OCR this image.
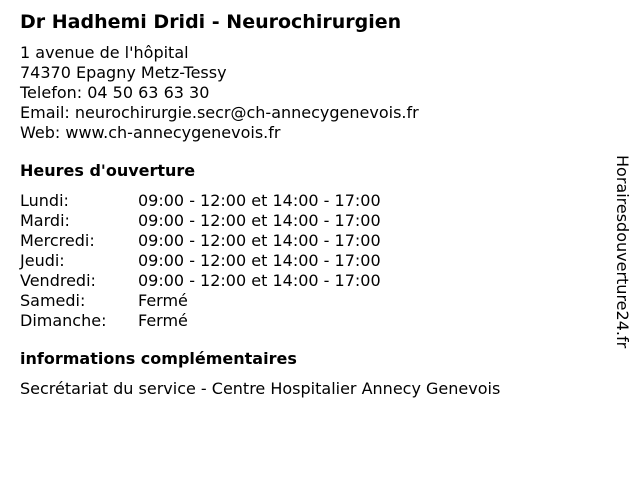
Dr Hadhemi Dridi - Neurochirurgien
1 avenue de l'hôpital
74370 Epagny Metz-Tessy
Telefon: 04 50 63 63 30
Email: neurochirurgie.secr@ch-annecygenevois.fr
Web: www.ch-annecygenevois.fr
Heures d'ouverture
Lundi:	09:00 - 12:00 et 14:00 - 17:00
Mardi:	09:00 - 12:00 et 14:00 - 17:00
Mercredi:	09:00 - 12:00 et 14:00 - 17:00
Jeudi:	09:00 - 12:00 et 14:00 - 17:00
Vendredi:	09:00 - 12:00 et 14:00 - 17:00
Samedi:	Fermé
Dimanche:	Fermé
informations complémentaires
Secrétariat du service - Centre Hospitalier Annecy Genevois
Horairesdouverture24.fr
